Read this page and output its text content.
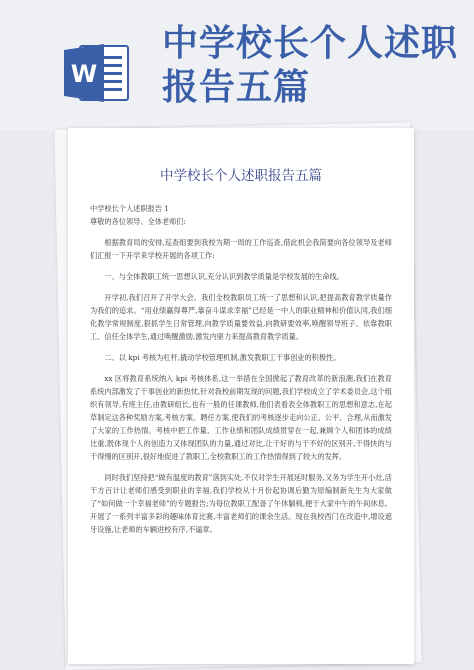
W
中学校长个人述职
报告五篇
中学校长个人述职报告五篇

中学校长个人述职报告 1

尊敬的各位领导、全体老师们:

根据教育局的安排,巡查组要到我校为期一周的工作巡查,借此机会我简要向各位领导及老师们汇报一下开学来学校开展的各项工作:

一、与全体教职工统一思想认识,充分认识到教学质量是学校发展的生命线。

开学初,我们召开了开学大会。我们全校教职员工统一了思想和认识,把提高教育教学质量作为我们的追求。“用业绩赢得尊严,靠奋斗谋求幸福”已经是一中人的职业精神和价值认同,我们细化教学常规制度,狠抓学生日常管理,向教学质量要效益,向教研要效率,唤醒领导班子、依靠教职工、信任全体学生,通过唤醒激励,激发内驱力来提高教育教学质量。

二、以 kpi 考核为杠杆,撬动学校管理机制,激发教职工干事创业的积极性。

xx 区将教育系统纳入 kpi 考核体系,这一举措在全国掀起了教育改革的新浪潮,我们在教育系统内部激发了干事创业的新热忱,针对我校前期发现的问题,我们学校成立了学术委员会,这个组织有领导,有班主任,由教研组长,也有一般的任课教师,他们表看表全体教职工的思想和意志,在起草制定这各种奖励方案,考核方案、聘任方案,使我们的考核逐步走向公正、公平、合理,从而激发了大家的工作热情。考核中把工作量、工作业绩和团队成绩贯穿在一起,兼顾个人和团体的成绩比重,既体现个人的创造力又体现团队的力量,通过对比,让干好的与干不好的区别开,干得快的与干得慢的区别开,很好地促进了教职工,全校教职工的工作热情得到了较大的发挥。

同时我们坚持把“做有温度的教育”落到实处,不仅对学生开展延时服务,又务为学生开小灶,活干方百计让老师们感受到职业的幸福,我们学校从十月份起协调后勤为原编制新先生为大家做了“如何做一个幸福老师”的专题报告;为每位教职工配备了午休躺椅,便于大家中午的午间休息。开展了一系列丰富多彩的趣味体育比赛,丰富老师们的课余生活。现在我校西门在改造中,增设遮牙设施,让老师的车辆进校有序,不逼章。
